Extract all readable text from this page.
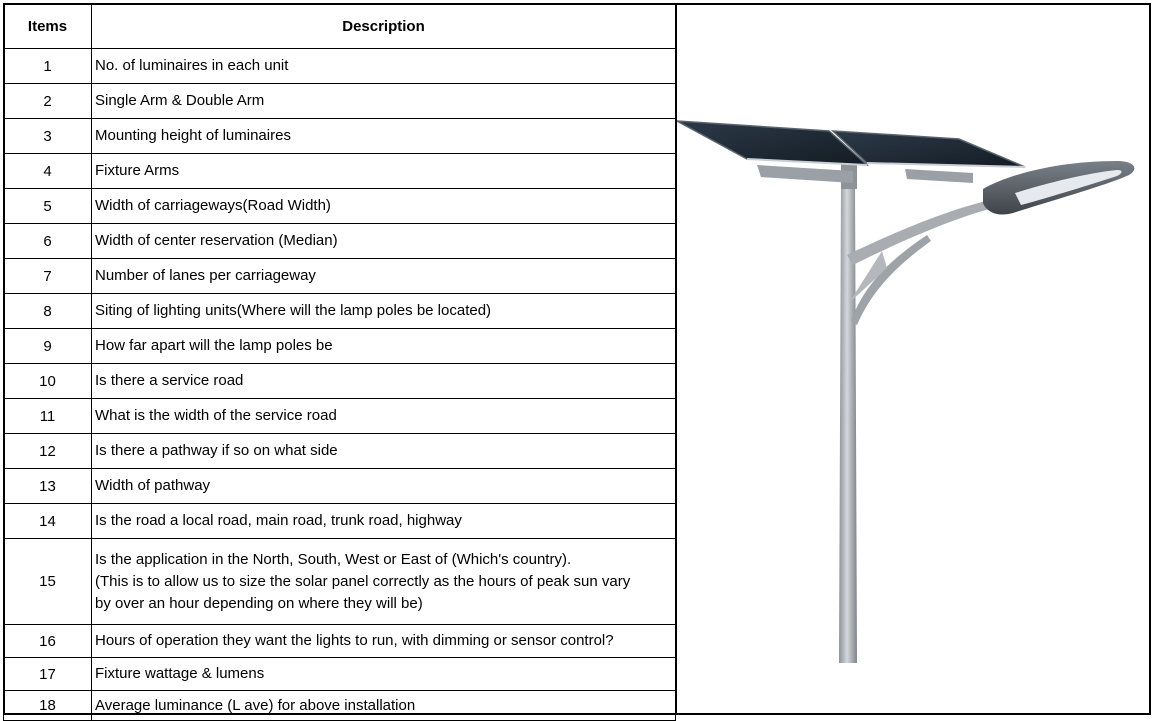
Items	Description
1	No. of luminaires in each unit
2	Single Arm & Double Arm
3	Mounting height of luminaires
4	Fixture Arms
5	Width of carriageways(Road Width)
6	Width of center reservation (Median)
7	Number of lanes per carriageway
8	Siting of lighting units(Where will the lamp poles be located)
9	How far apart will the lamp poles be
10	Is there a service road
11	What is the width of the service road
12	Is there a pathway if so on what side
13	Width of pathway
14	Is the road a local road, main road, trunk road, highway
15	Is the application in the North, South, West or East of (Which's country).
(This is to allow us to size the solar panel correctly as the hours of peak sun vary
by over an hour depending on where they will be)

16	Hours of operation they want the lights to run, with dimming or sensor control?
17	Fixture wattage & lumens
18	Average luminance (L ave) for above installation
